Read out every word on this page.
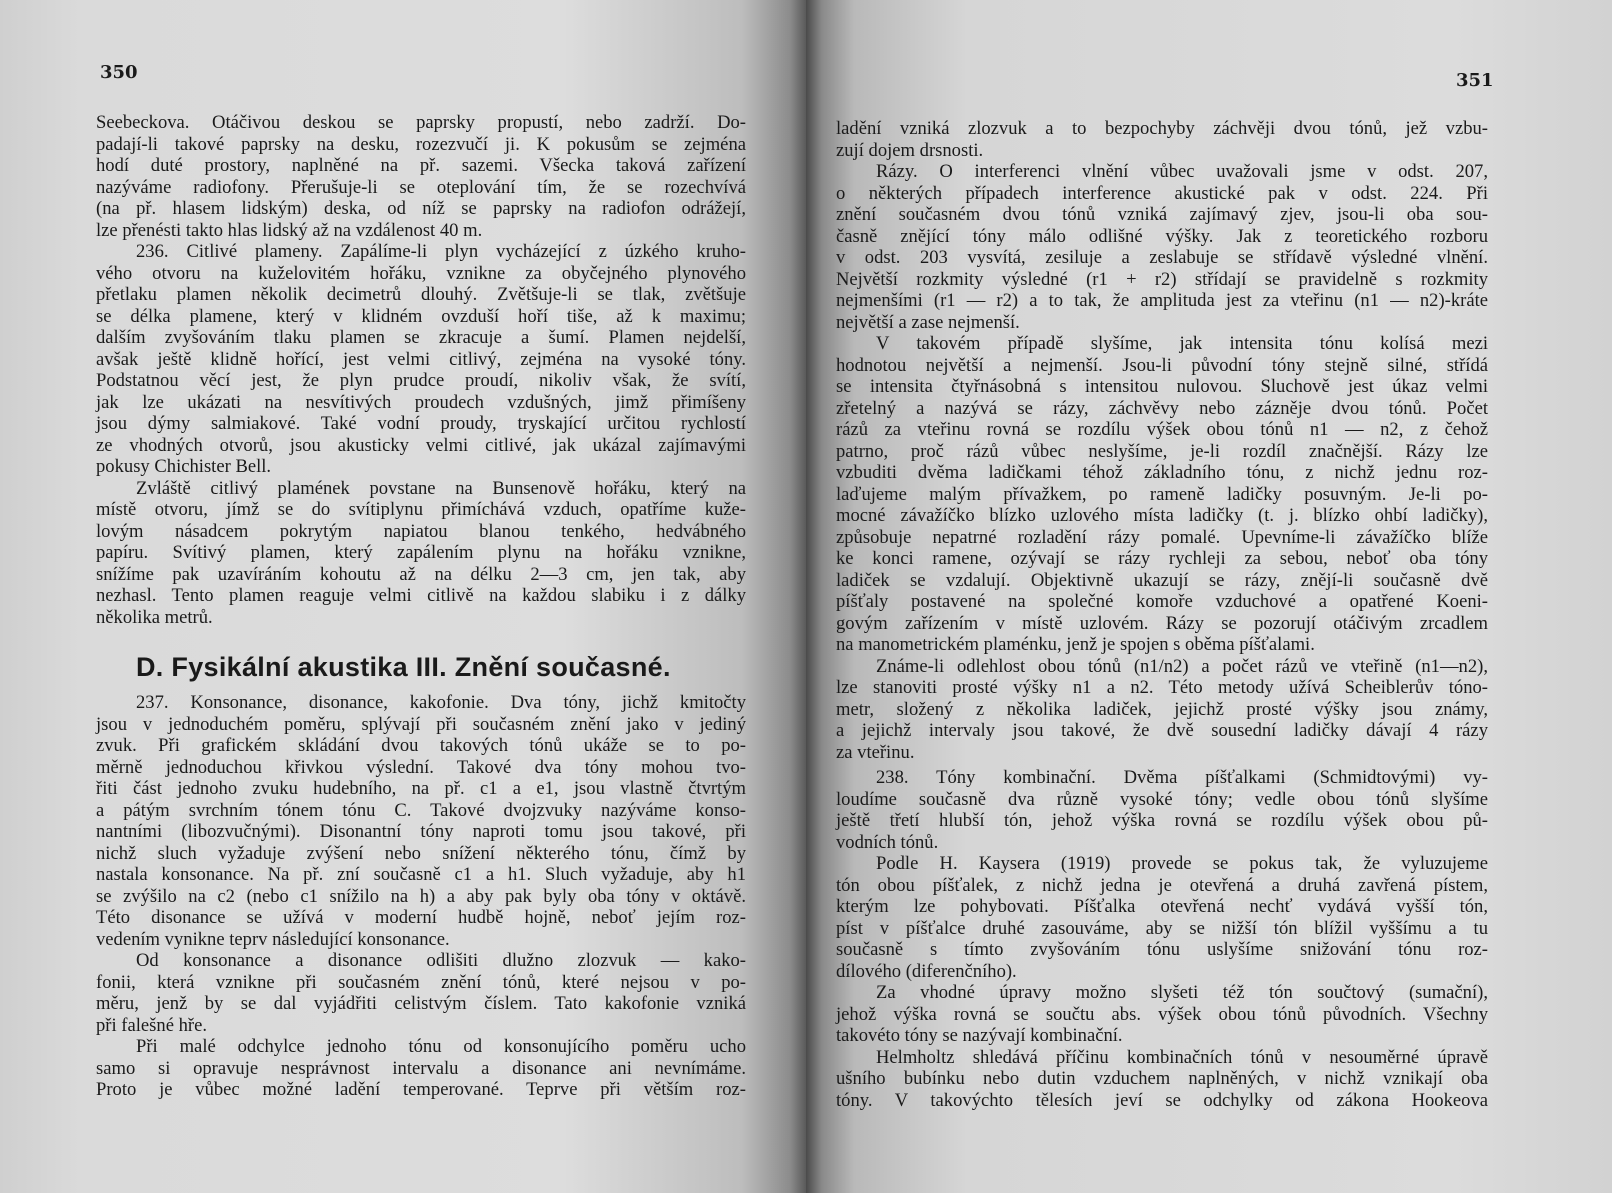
350
Seebeckova. Otáčivou deskou se paprsky propustí, nebo zadrží. Do-
padají-li takové paprsky na desku, rozezvučí ji. K pokusům se zejména
hodí duté prostory, naplněné na př. sazemi. Všecka taková zařízení
nazýváme radiofony. Přerušuje-li se oteplování tím, že se rozechvívá
(na př. hlasem lidským) deska, od níž se paprsky na radiofon odrážejí,
lze přenésti takto hlas lidský až na vzdálenost 40 m.
236. Citlivé plameny. Zapálíme-li plyn vycházející z úzkého kruho-
vého otvoru na kuželovitém hořáku, vznikne za obyčejného plynového
přetlaku plamen několik decimetrů dlouhý. Zvětšuje-li se tlak, zvětšuje
se délka plamene, který v klidném ovzduší hoří tiše, až k maximu;
dalším zvyšováním tlaku plamen se zkracuje a šumí. Plamen nejdelší,
avšak ještě klidně hořící, jest velmi citlivý, zejména na vysoké tóny.
Podstatnou věcí jest, že plyn prudce proudí, nikoliv však, že svítí,
jak lze ukázati na nesvítivých proudech vzdušných, jimž přimíšeny
jsou dýmy salmiakové. Také vodní proudy, tryskající určitou rychlostí
ze vhodných otvorů, jsou akusticky velmi citlivé, jak ukázal zajímavými
pokusy Chichister Bell.
Zvláště citlivý plamének povstane na Bunsenově hořáku, který na
místě otvoru, jímž se do svítiplynu přimíchává vzduch, opatříme kuže-
lovým násadcem pokrytým napiatou blanou tenkého, hedvábného
papíru. Svítivý plamen, který zapálením plynu na hořáku vznikne,
snížíme pak uzavíráním kohoutu až na délku 2—3 cm, jen tak, aby
nezhasl. Tento plamen reaguje velmi citlivě na každou slabiku i z dálky
několika metrů.
D. Fysikální akustika III. Znění současné.
237. Konsonance, disonance, kakofonie. Dva tóny, jichž kmitočty
jsou v jednoduchém poměru, splývají při současném znění jako v jediný
zvuk. Při grafickém skládání dvou takových tónů ukáže se to po-
měrně jednoduchou křivkou výslední. Takové dva tóny mohou tvo-
řiti část jednoho zvuku hudebního, na př. c1 a e1, jsou vlastně čtvrtým
a pátým svrchním tónem tónu C. Takové dvojzvuky nazýváme konso-
nantními (libozvučnými). Disonantní tóny naproti tomu jsou takové, při
nichž sluch vyžaduje zvýšení nebo snížení některého tónu, čímž by
nastala konsonance. Na př. zní současně c1 a h1. Sluch vyžaduje, aby h1
se zvýšilo na c2 (nebo c1 snížilo na h) a aby pak byly oba tóny v oktávě.
Této disonance se užívá v moderní hudbě hojně, neboť jejím roz-
vedením vynikne teprv následující konsonance.
Od konsonance a disonance odlišiti dlužno zlozvuk — kako-
fonii, která vznikne při současném znění tónů, které nejsou v po-
měru, jenž by se dal vyjádřiti celistvým číslem. Tato kakofonie vzniká
při falešné hře.
Při malé odchylce jednoho tónu od konsonujícího poměru ucho
samo si opravuje nesprávnost intervalu a disonance ani nevnímáme.
Proto je vůbec možné ladění temperované. Teprve při větším roz-
351
ladění vzniká zlozvuk a to bezpochyby záchvěji dvou tónů, jež vzbu-
zují dojem drsnosti.
Rázy. O interferenci vlnění vůbec uvažovali jsme v odst. 207,
o některých případech interference akustické pak v odst. 224. Při
znění současném dvou tónů vzniká zajímavý zjev, jsou-li oba sou-
časně znějící tóny málo odlišné výšky. Jak z teoretického rozboru
v odst. 203 vysvítá, zesiluje a zeslabuje se střídavě výsledné vlnění.
Největší rozkmity výsledné (r1 + r2) střídají se pravidelně s rozkmity
nejmenšími (r1 — r2) a to tak, že amplituda jest za vteřinu (n1 — n2)-kráte
největší a zase nejmenší.
V takovém případě slyšíme, jak intensita tónu kolísá mezi
hodnotou největší a nejmenší. Jsou-li původní tóny stejně silné, střídá
se intensita čtyřnásobná s intensitou nulovou. Sluchově jest úkaz velmi
zřetelný a nazývá se rázy, záchvěvy nebo zázněje dvou tónů. Počet
rázů za vteřinu rovná se rozdílu výšek obou tónů n1 — n2, z čehož
patrno, proč rázů vůbec neslyšíme, je-li rozdíl značnější. Rázy lze
vzbuditi dvěma ladičkami téhož základního tónu, z nichž jednu roz-
laďujeme malým přívažkem, po rameně ladičky posuvným. Je-li po-
mocné závažíčko blízko uzlového místa ladičky (t. j. blízko ohbí ladičky),
způsobuje nepatrné rozladění rázy pomalé. Upevníme-li závažíčko blíže
ke konci ramene, ozývají se rázy rychleji za sebou, neboť oba tóny
ladiček se vzdalují. Objektivně ukazují se rázy, znějí-li současně dvě
píšťaly postavené na společné komoře vzduchové a opatřené Koeni-
govým zařízením v místě uzlovém. Rázy se pozorují otáčivým zrcadlem
na manometrickém plaménku, jenž je spojen s oběma píšťalami.
Známe-li odlehlost obou tónů (n1/n2) a počet rázů ve vteřině (n1—n2),
lze stanoviti prosté výšky n1 a n2. Této metody užívá Scheiblerův tóno-
metr, složený z několika ladiček, jejichž prosté výšky jsou známy,
a jejichž intervaly jsou takové, že dvě sousední ladičky dávají 4 rázy
za vteřinu.
238. Tóny kombinační. Dvěma píšťalkami (Schmidtovými) vy-
loudíme současně dva různě vysoké tóny; vedle obou tónů slyšíme
ještě třetí hlubší tón, jehož výška rovná se rozdílu výšek obou pů-
vodních tónů.
Podle H. Kaysera (1919) provede se pokus tak, že vyluzujeme
tón obou píšťalek, z nichž jedna je otevřená a druhá zavřená pístem,
kterým lze pohybovati. Píšťalka otevřená nechť vydává vyšší tón,
píst v píšťalce druhé zasouváme, aby se nižší tón blížil vyššímu a tu
současně s tímto zvyšováním tónu uslyšíme snižování tónu roz-
dílového (diferenčního).
Za vhodné úpravy možno slyšeti též tón součtový (sumační),
jehož výška rovná se součtu abs. výšek obou tónů původních. Všechny
takovéto tóny se nazývají kombinační.
Helmholtz shledává příčinu kombinačních tónů v nesouměrné úpravě
ušního bubínku nebo dutin vzduchem naplněných, v nichž vznikají oba
tóny. V takovýchto tělesích jeví se odchylky od zákona Hookeova
